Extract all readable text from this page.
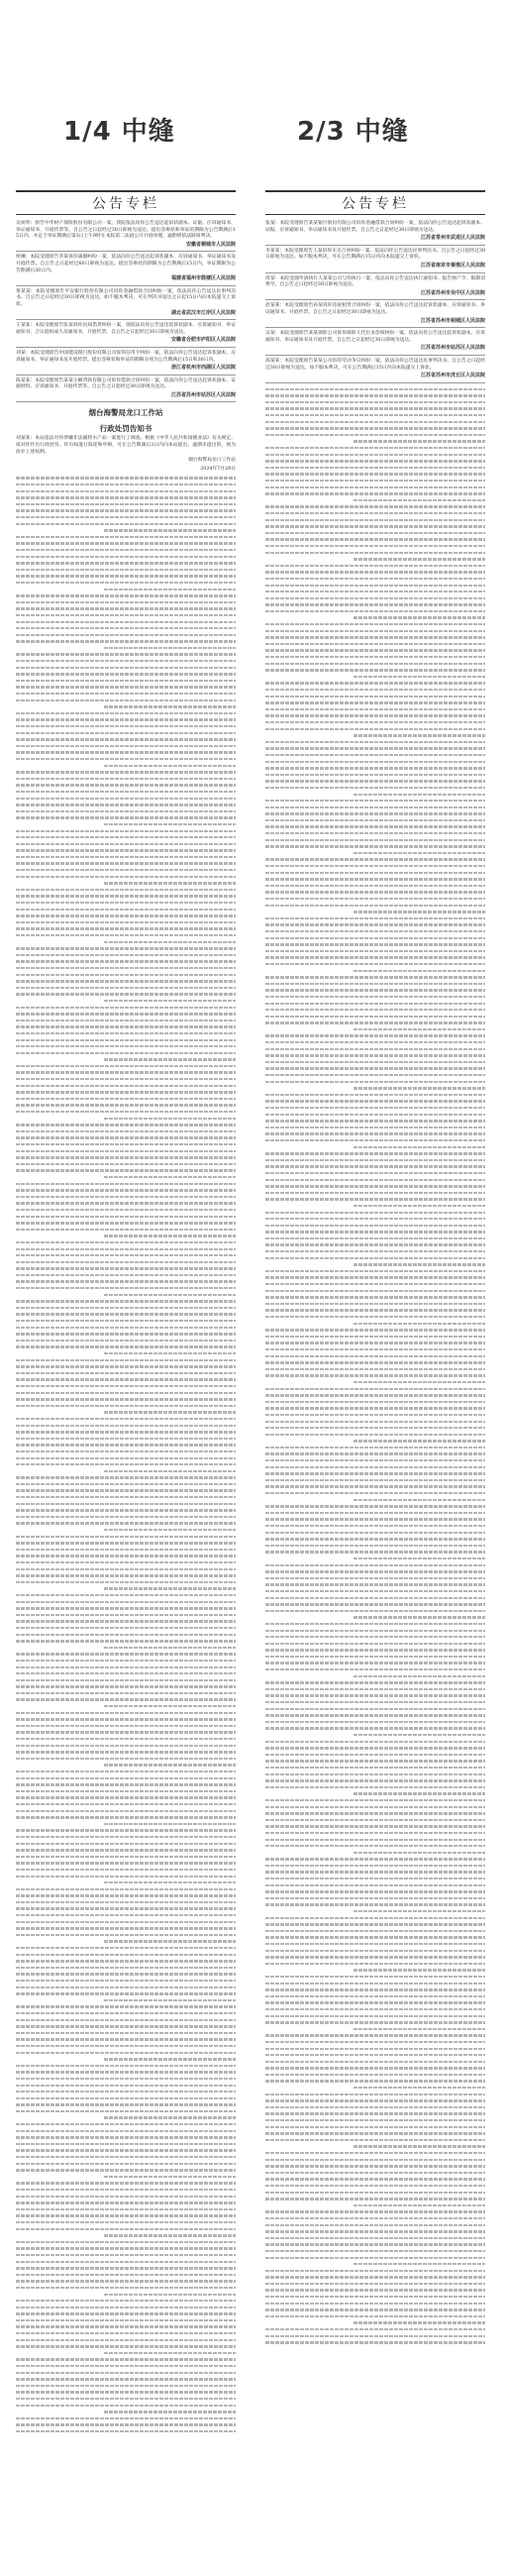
1/4 中缝	2/3 中缝
公告专栏

吴闲寿：原告中华财产保险股份有限公司一案，我院依法向你公告送达起诉状副本、证据、应诉通知书、举证通知书、开庭传票等。自公告之日起经过30日即视为送达。提出答辩状和举证的期限为公告期满后15日内，并定于举证期满后第3日上午9时在本院第二法庭公开开庭审理，逾期将依法缺席判决。

安徽省桐城市人民法院

侯琳：本院受理原告李某诉你离婚纠纷一案，依法向你公告送达起诉状副本、应诉通知书、举证通知书及开庭传票。自公告之日起经过60日即视为送达。提出答辩状的期限为公告期满后15日内，举证期限为公告期满后30日内。

福建省福州市鼓楼区人民法院

黄某某：本院受理原告平安银行股份有限公司诉你金融借款合同纠纷一案，依法向你公告送达民事判决书。自公告之日起经过30日即视为送达。如不服本判决，可在判决书送达之日起15日内向本院递交上诉状。

湖北省武汉市江岸区人民法院

王某某：本院受理原告张某诉你民间借贷纠纷一案，现依法向你公告送达起诉状副本、应诉通知书、举证通知书、合议庭组成人员通知书、开庭传票。自公告之日起经过30日即视为送达。

安徽省合肥市庐阳区人民法院

刘某：本院受理原告中国建设银行股份有限公司诉你信用卡纠纷一案，依法向你公告送达起诉状副本、应诉通知书、举证通知书及开庭传票。提出答辩状和举证的期限分别为公告期满后15日和30日内。

浙江省杭州市西湖区人民法院

陈某某：本院受理原告某某小额贷款有限公司诉你借款合同纠纷一案，依法向你公告送达起诉状副本、证据材料、应诉通知书、开庭传票等。自公告之日起经过30日即视为送达。

江苏省苏州市姑苏区人民法院
烟台海警局龙口工作站
行政处罚告知书

刘某某：本站依法对你涉嫌非法捕捞水产品一案进行了调查。根据《中华人民共和国渔业法》有关规定，拟对你作出行政处罚。你有权进行陈述和申辩，可在公告期满后3日内向本站提出。逾期未提出的，视为放弃上述权利。

烟台海警局龙口工作站
2024年7月29日
公告专栏

张某：本院受理原告某某银行股份有限公司诉你金融借款合同纠纷一案，依法向你公告送达起诉状副本、证据、应诉通知书、举证通知书及开庭传票。自公告之日起经过30日即视为送达。

江苏省常州市武进区人民法院

李某某：本院受理原告王某诉你买卖合同纠纷一案，依法向你公告送达民事判决书。自公告之日起经过30日即视为送达。如不服本判决，可在公告期满后15日内向本院递交上诉状。

江苏省南京市秦淮区人民法院

周某：本院受理申请执行人某某公司与你执行一案，依法向你公告送达执行通知书、报告财产令、限制消费令。自公告之日起经过30日即视为送达。

江苏省苏州市吴中区人民法院

赵某某：本院受理原告孙某诉你房屋租赁合同纠纷一案，依法向你公告送达起诉状副本、应诉通知书、举证通知书、开庭传票。自公告之日起经过30日即视为送达。

江苏省苏州市相城区人民法院

吴某：本院受理原告某某保险公司诉你保险人代位求偿权纠纷一案，依法向你公告送达起诉状副本、应诉通知书、举证通知书及开庭传票。自公告之日起经过30日即视为送达。

江苏省苏州市姑苏区人民法院

郑某某：本院受理原告某某公司诉你劳动争议纠纷一案，依法向你公告送达民事判决书。自公告之日起经过30日即视为送达。如不服本判决，可在公告期满后15日内向本院递交上诉状。

江苏省苏州市虎丘区人民法院
